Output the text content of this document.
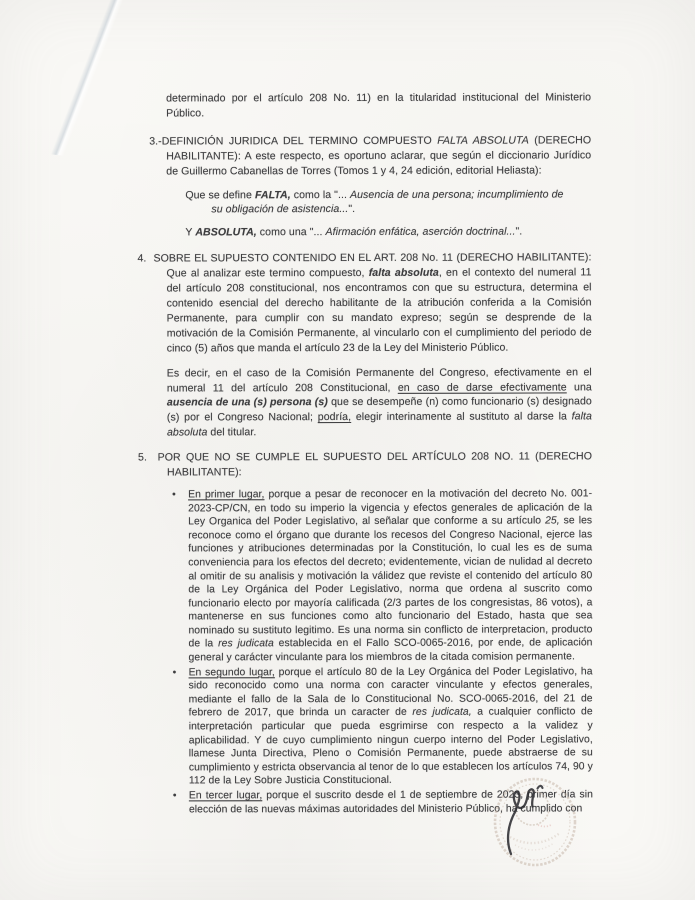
determinado por el artículo 208 No. 11) en la titularidad institucional del Ministerio Público.

3.-DEFINICIÓN JURIDICA DEL TERMINO COMPUESTO FALTA ABSOLUTA (DERECHO HABILITANTE): A este respecto, es oportuno aclarar, que según el diccionario Jurídico de Guillermo Cabanellas de Torres (Tomos 1 y 4, 24 edición, editorial Heliasta):

Que se define FALTA, como la "... Ausencia de una persona; incumplimiento de su obligación de asistencia...".

Y ABSOLUTA, como una "... Afirmación enfática, aserción doctrinal...".

4.  SOBRE EL SUPUESTO CONTENIDO EN EL ART. 208 No. 11 (DERECHO HABILITANTE): Que al analizar este termino compuesto, falta absoluta, en el contexto del numeral 11 del artículo 208 constitucional, nos encontramos con que su estructura, determina el contenido esencial del derecho habilitante de la atribución conferida a la Comisión Permanente, para cumplir con su mandato expreso; según se desprende de la motivación de la Comisión Permanente, al vincularlo con el cumplimiento del periodo de cinco (5) años que manda el artículo 23 de la Ley del Ministerio Público.

Es decir, en el caso de la Comisión Permanente del Congreso, efectivamente en el numeral 11 del artículo 208 Constitucional, en caso de darse efectivamente una ausencia de una (s) persona (s) que se desempeñe (n) como funcionario (s) designado (s) por el Congreso Nacional; podría, elegir interinamente al sustituto al darse la falta absoluta del titular.

5.  POR QUE NO SE CUMPLE EL SUPUESTO DEL ARTÍCULO 208 NO. 11 (DERECHO HABILITANTE):

• En primer lugar, porque a pesar de reconocer en la motivación del decreto No. 001-2023-CP/CN, en todo su imperio la vigencia y efectos generales de aplicación de la Ley Organica del Poder Legislativo, al señalar que conforme a su artículo 25, se les reconoce como el órgano que durante los recesos del Congreso Nacional, ejerce las funciones y atribuciones determinadas por la Constitución, lo cual les es de suma conveniencia para los efectos del decreto; evidentemente, vician de nulidad al decreto al omitir de su analisis y motivación la válidez que reviste el contenido del artículo 80 de la Ley Orgánica del Poder Legislativo, norma que ordena al suscrito como funcionario electo por mayoría calificada (2/3 partes de los congresistas, 86 votos), a mantenerse en sus funciones como alto funcionario del Estado, hasta que sea nominado su sustituto legitimo. Es una norma sin conflicto de interpretacion, producto de la res judicata establecida en el Fallo SCO-0065-2016, por ende, de aplicación general y carácter vinculante para los miembros de la citada comision permanente.
• En segundo lugar, porque el artículo 80 de la Ley Orgánica del Poder Legislativo, ha sido reconocido como una norma con caracter vinculante y efectos generales, mediante el fallo de la Sala de lo Constitucional No. SCO-0065-2016, del 21 de febrero de 2017, que brinda un caracter de res judicata, a cualquier conflicto de interpretación particular que pueda esgrimirse con respecto a la validez y aplicabilidad. Y de cuyo cumplimiento ningun cuerpo interno del Poder Legislativo, llamese Junta Directiva, Pleno o Comisión Permanente, puede abstraerse de su cumplimiento y estricta observancia al tenor de lo que establecen los artículos 74, 90 y 112 de la Ley Sobre Justicia Constitucional.
• En tercer lugar, porque el suscrito desde el 1 de septiembre de 2023, primer día sin elección de las nuevas máximas autoridades del Ministerio Público, ha cumplido con
